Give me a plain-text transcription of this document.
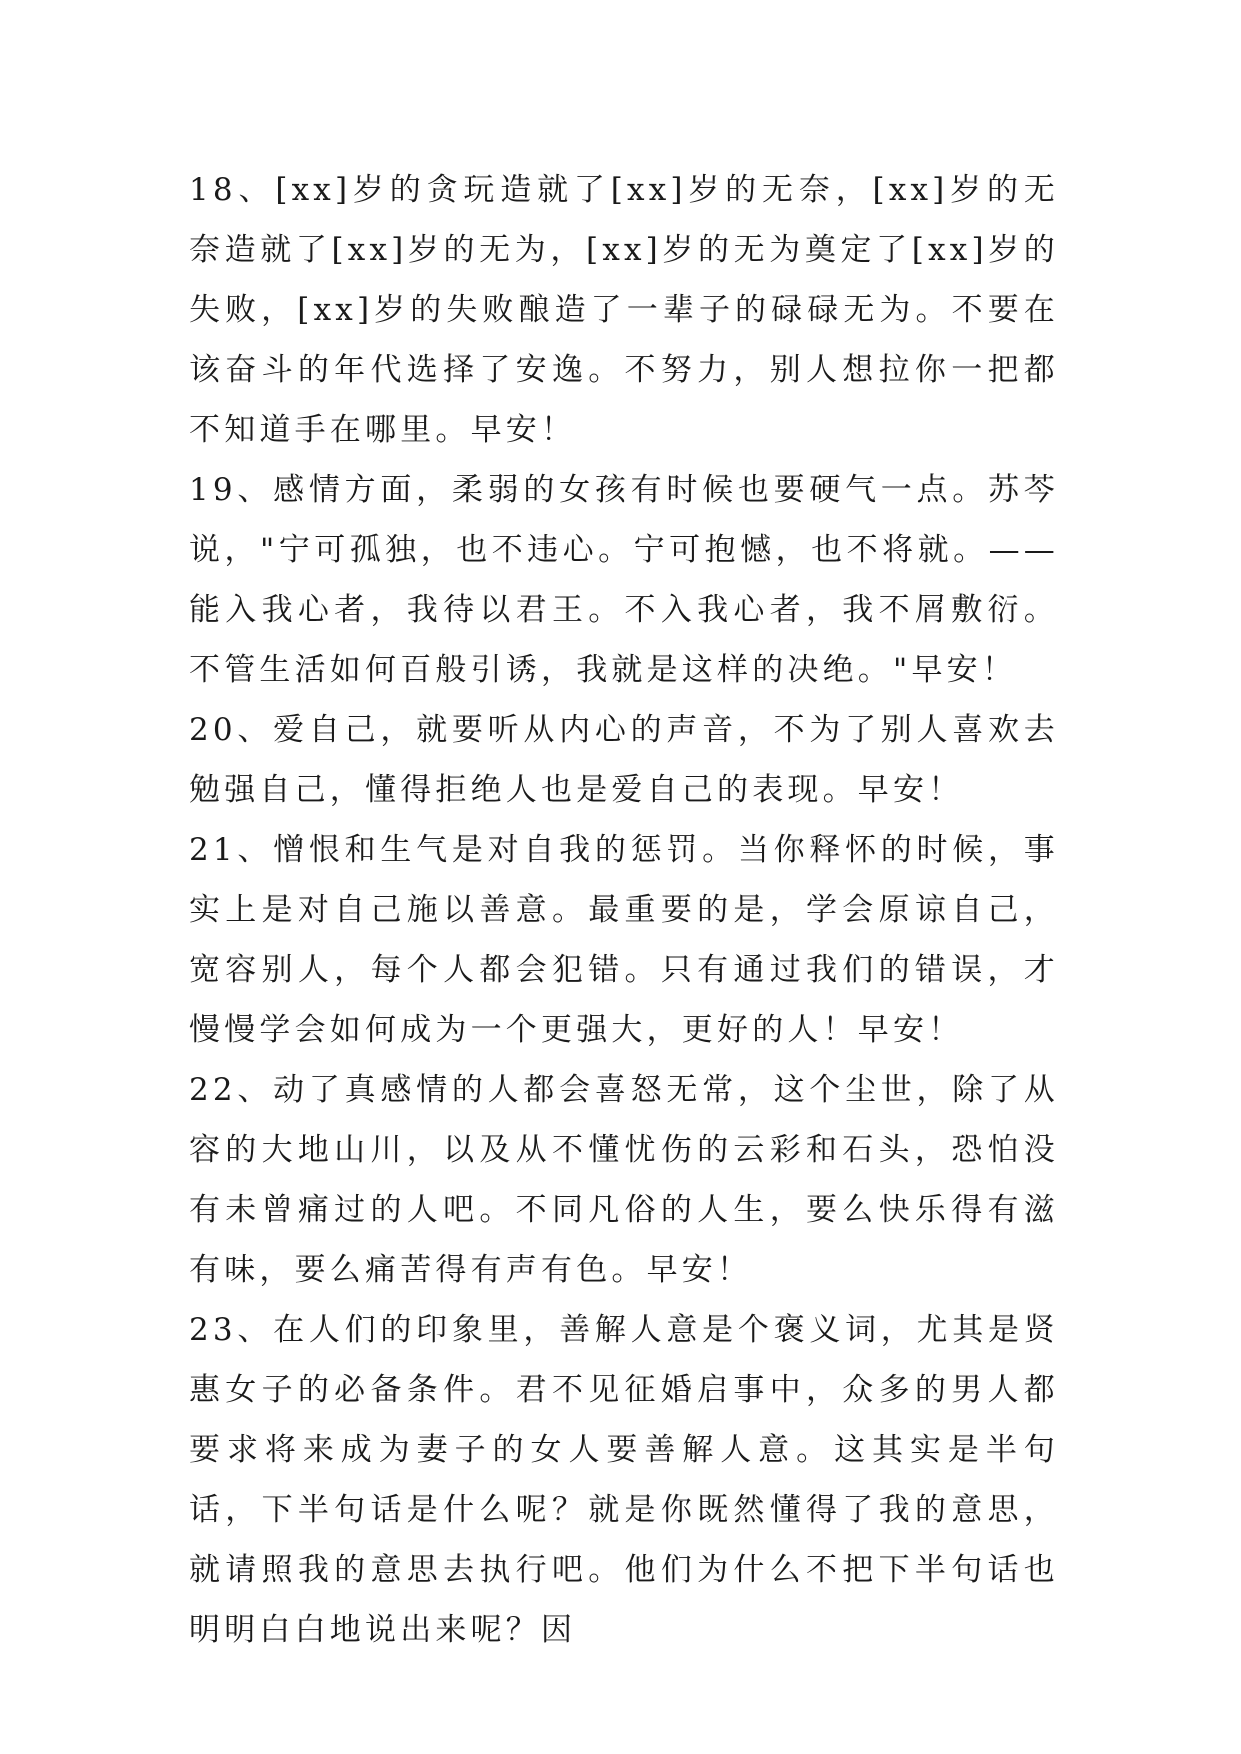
18、[xx]岁的贪玩造就了[xx]岁的无奈，[xx]岁的无奈造就了[xx]岁的无为，[xx]岁的无为奠定了[xx]岁的失败，[xx]岁的失败酿造了一辈子的碌碌无为。不要在该奋斗的年代选择了安逸。不努力，别人想拉你一把都不知道手在哪里。早安！

19、感情方面，柔弱的女孩有时候也要硬气一点。苏芩说，"宁可孤独，也不违心。宁可抱憾，也不将就。——能入我心者，我待以君王。不入我心者，我不屑敷衍。不管生活如何百般引诱，我就是这样的决绝。"早安！

20、爱自己，就要听从内心的声音，不为了别人喜欢去勉强自己，懂得拒绝人也是爱自己的表现。早安！

21、憎恨和生气是对自我的惩罚。当你释怀的时候，事实上是对自己施以善意。最重要的是，学会原谅自己，宽容别人，每个人都会犯错。只有通过我们的错误，才慢慢学会如何成为一个更强大，更好的人！早安！

22、动了真感情的人都会喜怒无常，这个尘世，除了从容的大地山川，以及从不懂忧伤的云彩和石头，恐怕没有未曾痛过的人吧。不同凡俗的人生，要么快乐得有滋有味，要么痛苦得有声有色。早安！

23、在人们的印象里，善解人意是个褒义词，尤其是贤惠女子的必备条件。君不见征婚启事中，众多的男人都要求将来成为妻子的女人要善解人意。这其实是半句话，下半句话是什么呢？就是你既然懂得了我的意思，就请照我的意思去执行吧。他们为什么不把下半句话也明明白白地说出来呢？因
